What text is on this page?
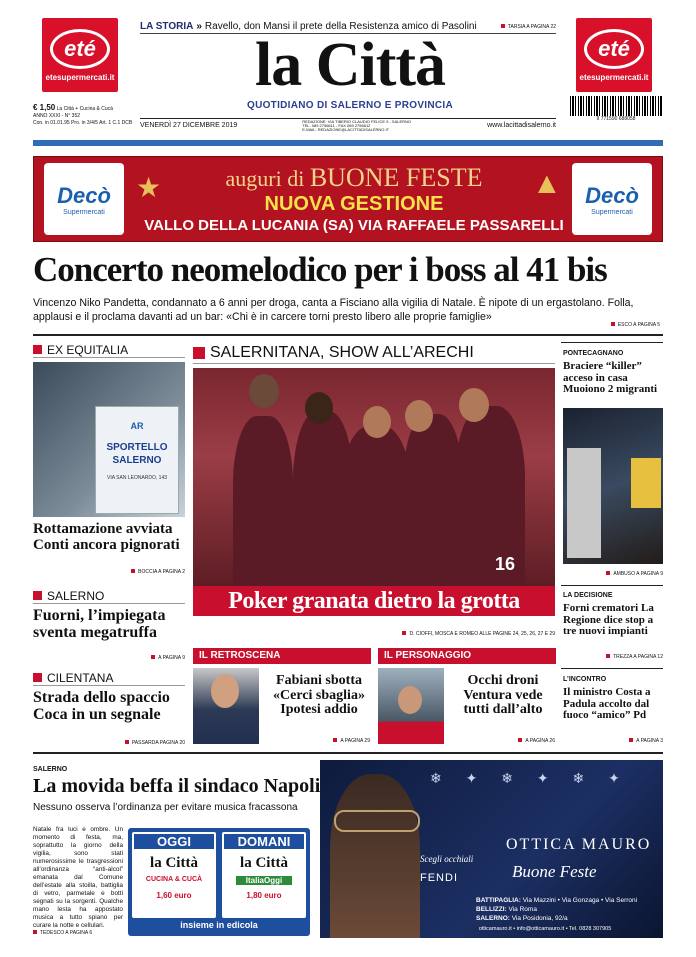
eté
etesupermercati.it
eté
etesupermercati.it
LA STORIA » Ravello, don Mansi il prete della Resistenza amico di Pasolini	TARSIA A PAGINA 22
la Città
QUOTIDIANO DI SALERNO E PROVINCIA
€ 1,50 La Città + Cucina & Cucà
ANNO XXXI - N° 352
Con. in 01.01.95 Pro. in 3/4/5 Art. 1 C.1 DCB
9 771590 688058
VENERDÌ 27 DICEMBRE 2019
REDAZIONE: VIA TIBERIO CLAUDIO FELICE 9 - SALERNO
TEL. 089 2756611 - FAX 089 2756612
E-MAIL: REDAZIONE@LACITTADISALERNO.IT	www.lacittadisalerno.it
Decò
Supermercati
Decò
Supermercati
★	▲
auguri di BUONE FESTE
NUOVA GESTIONE
VALLO DELLA LUCANIA (SA) VIA RAFFAELE PASSARELLI
Concerto neomelodico per i boss al 41 bis
Vincenzo Niko Pandetta, condannato a 6 anni per droga, canta a Fisciano alla vigilia di Natale. È nipote di un ergastolano. Folla, applausi e il proclama davanti ad un bar: «Chi è in carcere torni presto libero alle proprie famiglie»
ESCO A PAGINA 5
EX EQUITALIA
AR
SPORTELLO
SALERNO
VIA SAN LEONARDO, 143
Rottamazione avviata Conti ancora pignorati
BOCCIA A PAGINA 2
SALERNO
Fuorni, l’impiegata sventa megatruffa
A PAGINA 9
CILENTANA
Strada dello spaccio Coca in un segnale
PASSARDA PAGINA 20
SALERNITANA, SHOW ALL’ARECHI
16
Poker granata dietro la grotta
D. CIOFFI, MOSCA E ROMEO ALLE PAGINE 24, 25, 26, 27 E 29
IL RETROSCENA
Fabiani sbotta «Cerci sbaglia» Ipotesi addio
A PAGINA 29
IL PERSONAGGIO
Occhi droni Ventura vede tutti dall’alto
A PAGINA 26
PONTECAGNANO
Braciere “killer” acceso in casa Muoiono 2 migranti
AMBUSO A PAGINA 9
LA DECISIONE
Forni crematori La Regione dice stop a tre nuovi impianti
TREZZA A PAGINA 12
L’INCONTRO
Il ministro Costa a Padula accolto dal fuoco “amico” Pd
A PAGINA 3
SALERNO
La movida beffa il sindaco Napoli
Nessuno osserva l’ordinanza per evitare musica fracassona
Natale fra luci e ombre. Un momento di festa, ma, soprattutto la giorno della vigilia, sono stati numerosissime le trasgressioni all’ordinanza “anti-alcol” emanata dal Comune dell’estate alla stoilla, battiglia di vetro, parmetale e botti segnati su la sorgenti. Qualche mano lesta ha appostato musica a tutto spiano per curare la notte e cellulari.
TEDESCO A PAGINA 6
OGGI
la Città
CUCINA & CUCÀ
1,60 euro
DOMANI
la Città
ItaliaOggi
1,80 euro
insieme in edicola
❄ ✦ ❄ ✦ ❄ ✦
Scegli occhiali
FENDI
OTTICA MAURO
Buone Feste
BATTIPAGLIA: Via Mazzini • Via Gonzaga • Via Serroni
BELLIZZI: Via Roma
SALERNO: Via Posidonia, 92/a
otticamauro.it • info@otticamauro.it • Tel. 0828 307905
